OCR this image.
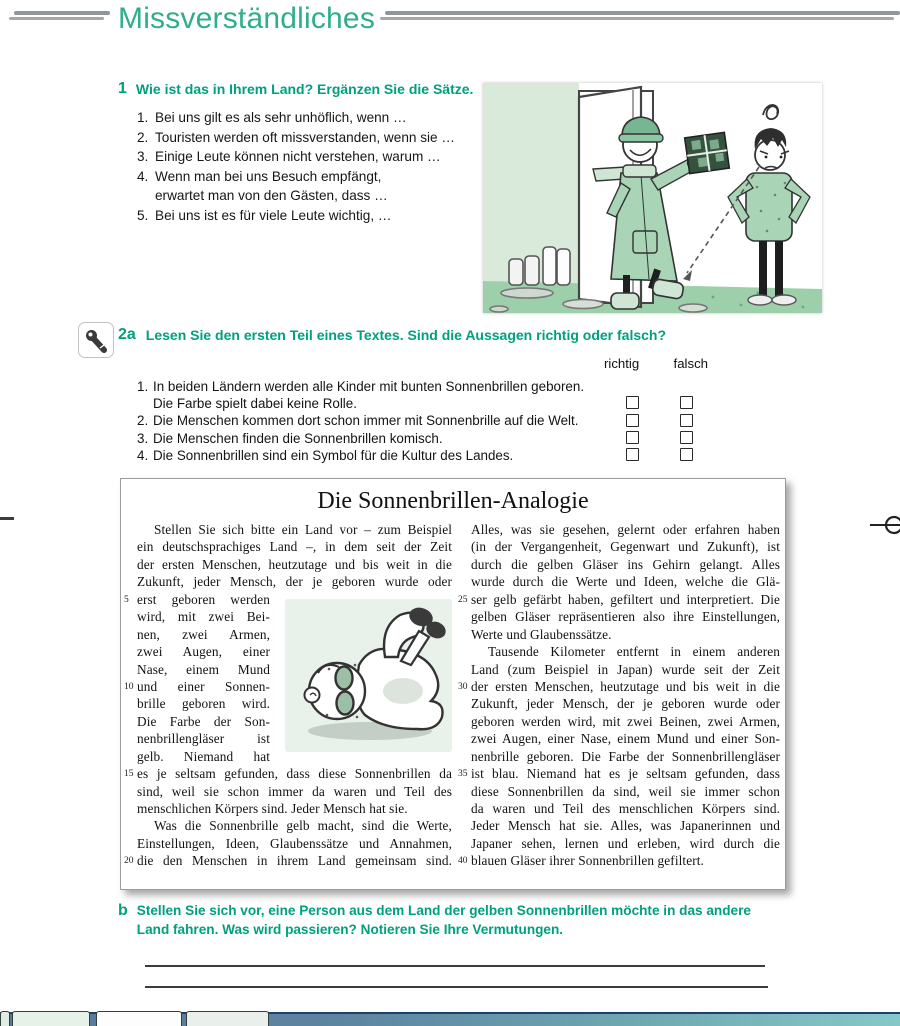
Missverständliches
1 Wie ist das in Ihrem Land? Ergänzen Sie die Sätze.
1. Bei uns gilt es als sehr unhöflich, wenn …
2. Touristen werden oft missverstanden, wenn sie …
3. Einige Leute können nicht verstehen, warum …
4. Wenn man bei uns Besuch empfängt,
erwartet man von den Gästen, dass …
5. Bei uns ist es für viele Leute wichtig, …
2a Lesen Sie den ersten Teil eines Textes. Sind die Aussagen richtig oder falsch?
richtig	falsch
1. In beiden Ländern werden alle Kinder mit bunten Sonnenbrillen geboren.
Die Farbe spielt dabei keine Rolle.
2. Die Menschen kommen dort schon immer mit Sonnenbrille auf die Welt.
3. Die Menschen finden die Sonnenbrillen komisch.
4. Die Sonnenbrillen sind ein Symbol für die Kultur des Landes.
Die Sonnenbrillen-Analogie
Stellen Sie sich bitte ein Land vor – zum Beispiel
ein deutschsprachiges Land –, in dem seit der Zeit
der ersten Menschen, heutzutage und bis weit in die
Zukunft, jeder Mensch, der je geboren wurde oder
5 erst geboren werden
wird, mit zwei Bei-
nen, zwei Armen,
zwei Augen, einer
Nase, einem Mund
10 und einer Sonnen-
brille geboren wird.
Die Farbe der Son-
nenbrillengläser ist
gelb. Niemand hat
15 es je seltsam gefunden, dass diese Sonnenbrillen da
sind, weil sie schon immer da waren und Teil des
menschlichen Körpers sind. Jeder Mensch hat sie.
Was die Sonnenbrille gelb macht, sind die Werte,
Einstellungen, Ideen, Glaubenssätze und Annahmen,
20 die den Menschen in ihrem Land gemeinsam sind.
Alles, was sie gesehen, gelernt oder erfahren haben
(in der Vergangenheit, Gegenwart und Zukunft), ist
durch die gelben Gläser ins Gehirn gelangt. Alles
wurde durch die Werte und Ideen, welche die Glä-
25 ser gelb gefärbt haben, gefiltert und interpretiert. Die
gelben Gläser repräsentieren also ihre Einstellungen,
Werte und Glaubenssätze.
Tausende Kilometer entfernt in einem anderen
Land (zum Beispiel in Japan) wurde seit der Zeit
30 der ersten Menschen, heutzutage und bis weit in die
Zukunft, jeder Mensch, der je geboren wurde oder
geboren werden wird, mit zwei Beinen, zwei Armen,
zwei Augen, einer Nase, einem Mund und einer Son-
nenbrille geboren. Die Farbe der Sonnenbrillengläser
35 ist blau. Niemand hat es je seltsam gefunden, dass
diese Sonnenbrillen da sind, weil sie immer schon
da waren und Teil des menschlichen Körpers sind.
Jeder Mensch hat sie. Alles, was Japanerinnen und
Japaner sehen, lernen und erleben, wird durch die
40 blauen Gläser ihrer Sonnenbrillen gefiltert.
b Stellen Sie sich vor, eine Person aus dem Land der gelben Sonnenbrillen möchte in das andere
Land fahren. Was wird passieren? Notieren Sie Ihre Vermutungen.
